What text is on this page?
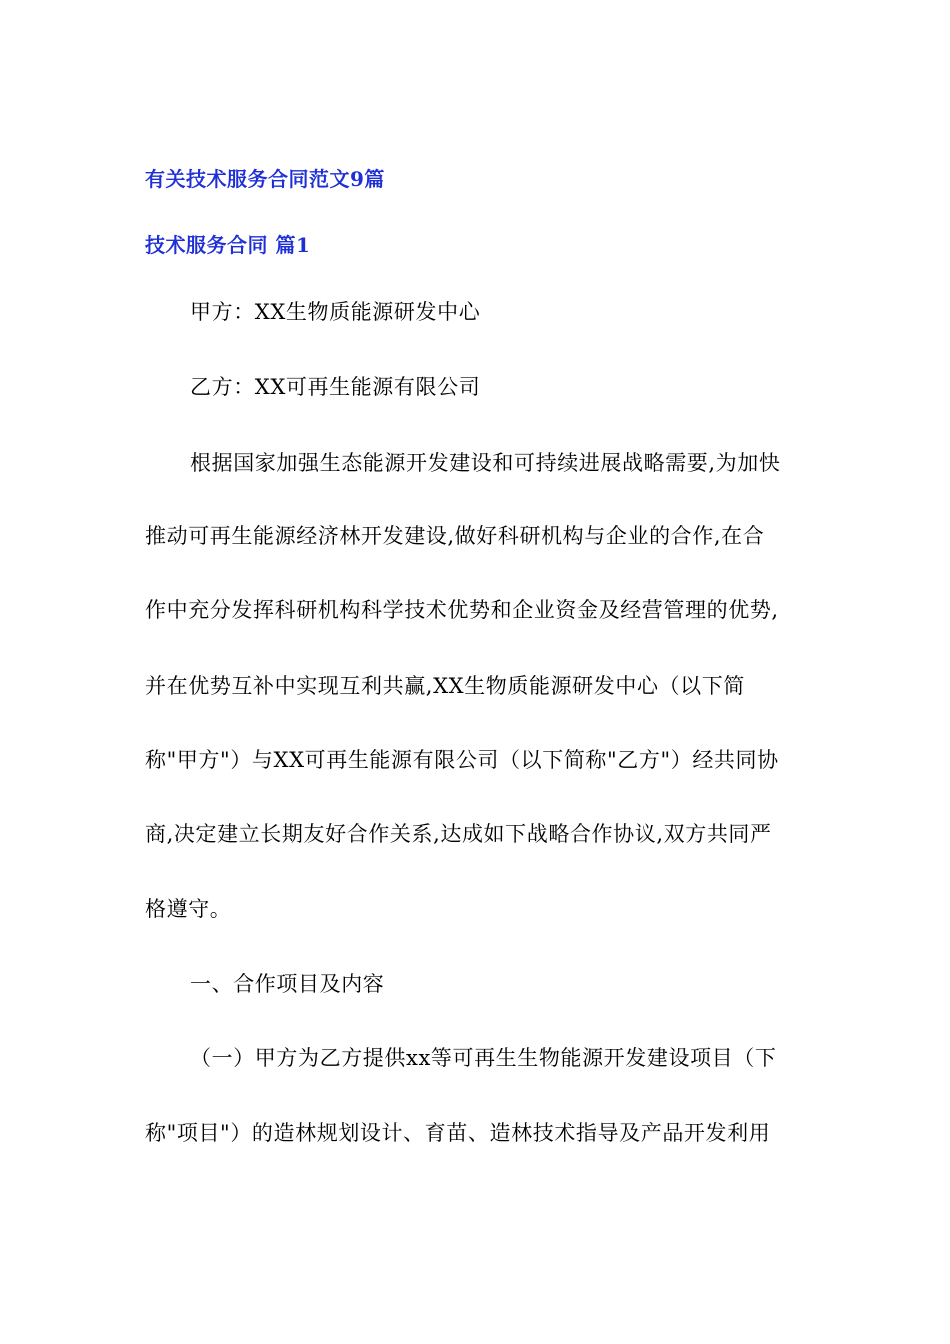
有关技术服务合同范文9篇
技术服务合同 篇1
甲方：XX生物质能源研发中心
乙方：XX可再生能源有限公司
根据国家加强生态能源开发建设和可持续进展战略需要,为加快
推动可再生能源经济林开发建设,做好科研机构与企业的合作,在合
作中充分发挥科研机构科学技术优势和企业资金及经营管理的优势,
并在优势互补中实现互利共赢,XX生物质能源研发中心（以下简
称"甲方"）与XX可再生能源有限公司（以下简称"乙方"）经共同协
商,决定建立长期友好合作关系,达成如下战略合作协议,双方共同严
格遵守。
一、合作项目及内容
（一）甲方为乙方提供xx等可再生生物能源开发建设项目（下
称"项目"）的造林规划设计、育苗、造林技术指导及产品开发利用
